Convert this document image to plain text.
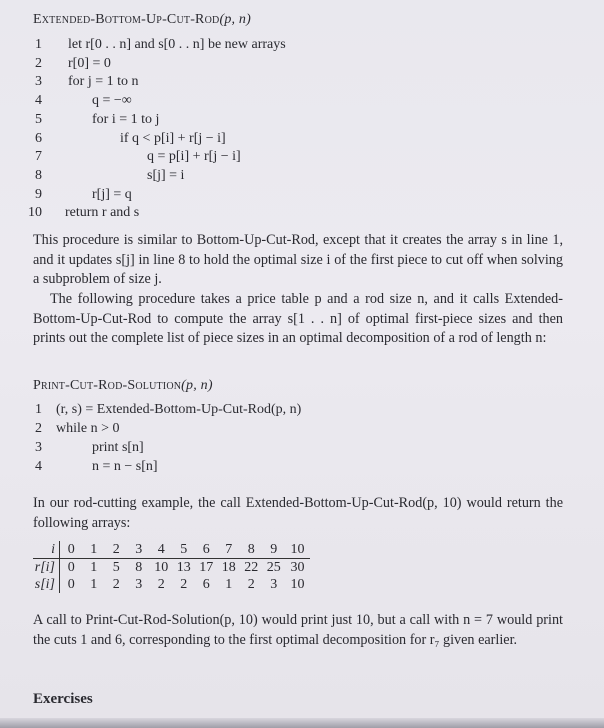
Extended-Bottom-Up-Cut-Rod(p, n)
1 let r[0 . . n] and s[0 . . n] be new arrays
2 r[0] = 0
3 for j = 1 to n
4	q = −∞
5	for i = 1 to j
6	if q < p[i] + r[j − i]
7	q = p[i] + r[j − i]
8	s[j] = i
9	r[j] = q
10 return r and s
This procedure is similar to Bottom-Up-Cut-Rod, except that it creates the array s in line 1, and it updates s[j] in line 8 to hold the optimal size i of the first piece to cut off when solving a subproblem of size j.
The following procedure takes a price table p and a rod size n, and it calls Extended-Bottom-Up-Cut-Rod to compute the array s[1 . . n] of optimal first-piece sizes and then prints out the complete list of piece sizes in an optimal decomposition of a rod of length n:
Print-Cut-Rod-Solution(p, n)
1 (r, s) = Extended-Bottom-Up-Cut-Rod(p, n)
2 while n > 0
3	print s[n]
4	n = n − s[n]
In our rod-cutting example, the call Extended-Bottom-Up-Cut-Rod(p, 10) would return the following arrays:
i	0	1	2	3	4	5	6	7	8	9	10
r[i]	0	1	5	8	10	13	17	18	22	25	30
s[i]	0	1	2	3	2	2	6	1	2	3	10
A call to Print-Cut-Rod-Solution(p, 10) would print just 10, but a call with n = 7 would print the cuts 1 and 6, corresponding to the first optimal decomposition for r₇ given earlier.
Exercises
